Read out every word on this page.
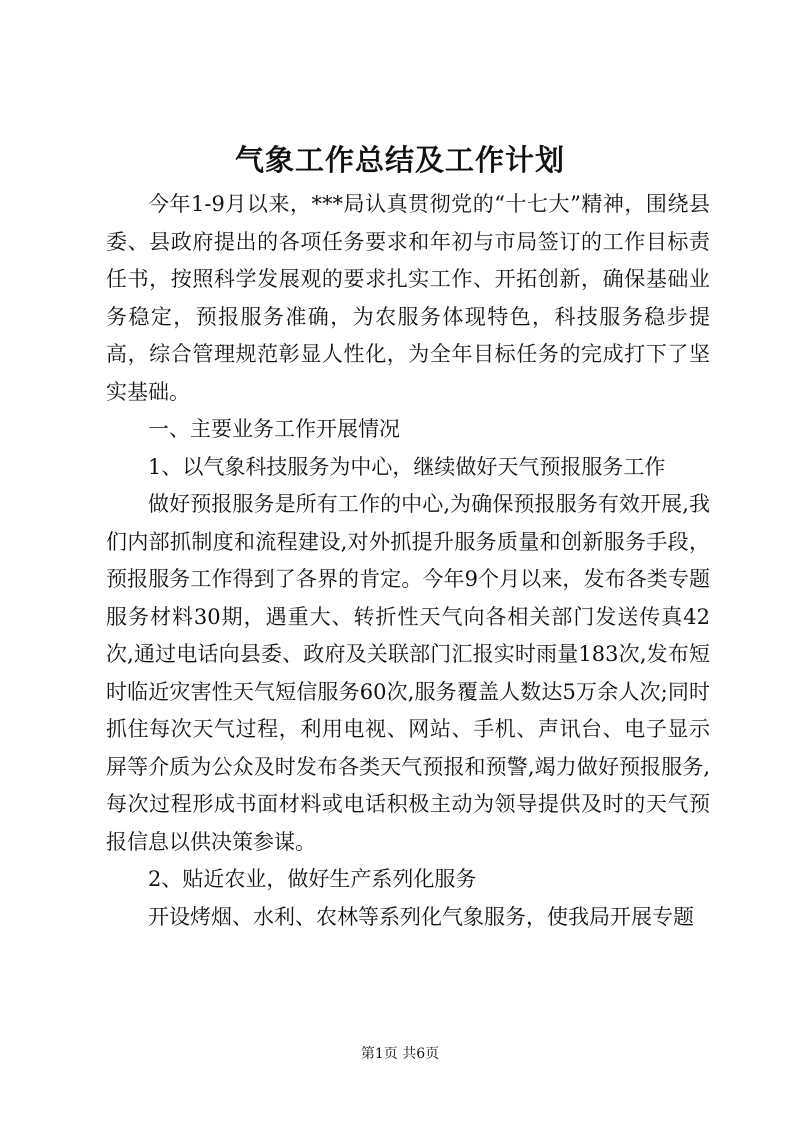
气象工作总结及工作计划

今年1-9月以来，***局认真贯彻党的“十七大”精神，围绕县委、县政府提出的各项任务要求和年初与市局签订的工作目标责任书，按照科学发展观的要求扎实工作、开拓创新，确保基础业务稳定，预报服务准确，为农服务体现特色，科技服务稳步提高，综合管理规范彰显人性化，为全年目标任务的完成打下了坚实基础。

一、主要业务工作开展情况

1、以气象科技服务为中心，继续做好天气预报服务工作

做好预报服务是所有工作的中心,为确保预报服务有效开展,我们内部抓制度和流程建设,对外抓提升服务质量和创新服务手段，预报服务工作得到了各界的肯定。今年9个月以来，发布各类专题服务材料30期，遇重大、转折性天气向各相关部门发送传真42次,通过电话向县委、政府及关联部门汇报实时雨量183次,发布短时临近灾害性天气短信服务60次,服务覆盖人数达5万余人次;同时抓住每次天气过程，利用电视、网站、手机、声讯台、电子显示屏等介质为公众及时发布各类天气预报和预警,竭力做好预报服务,每次过程形成书面材料或电话积极主动为领导提供及时的天气预报信息以供决策参谋。

2、贴近农业，做好生产系列化服务

开设烤烟、水利、农林等系列化气象服务，使我局开展专题

第1页 共6页
